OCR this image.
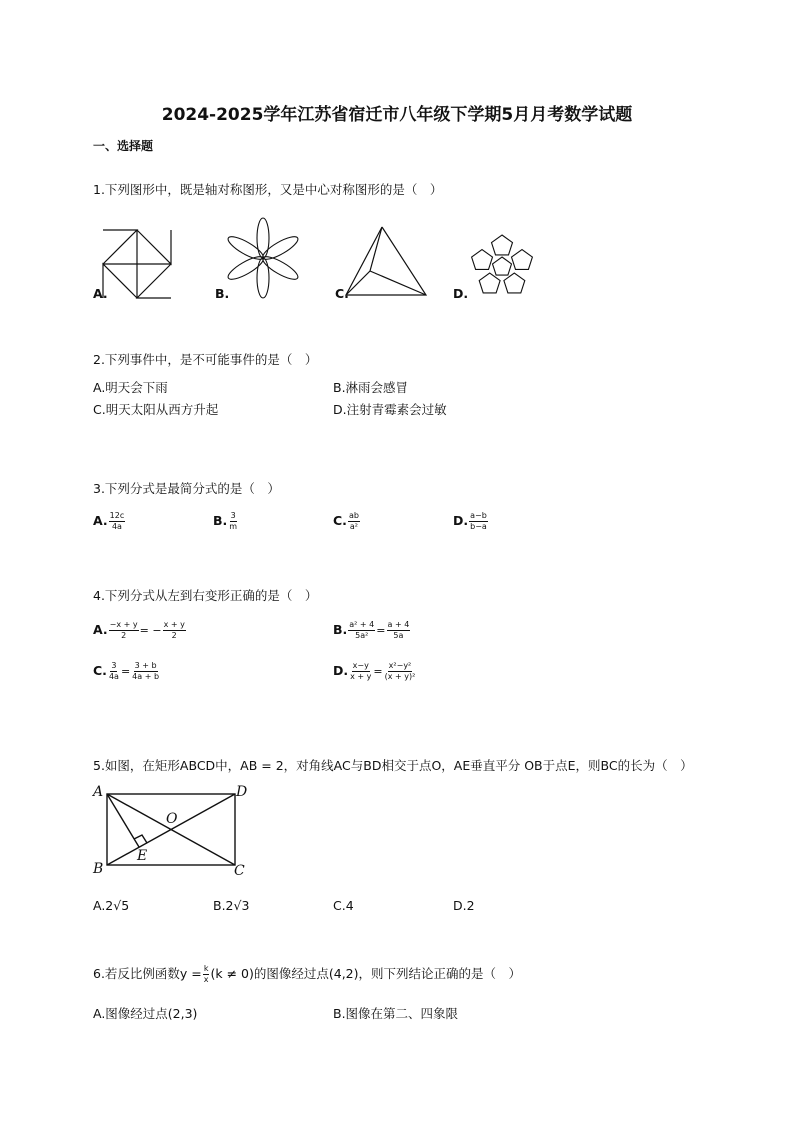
2024-2025学年江苏省宿迁市八年级下学期5月月考数学试题
一、选择题
1.下列图形中，既是轴对称图形，又是中心对称图形的是（　）
A.	B.	C.	D.
2.下列事件中，是不可能事件的是（　）
A.明天会下雨	B.淋雨会感冒
C.明天太阳从西方升起	D.注射青霉素会过敏
3.下列分式是最简分式的是（　）
A. $\frac{12c}{4a}$	B. $\frac{3}{m}$	C. $\frac{ab}{\text{a²}}$	D. $\frac{a-b}{b-a}$
4.下列分式从左到右变形正确的是（　）
A. $\frac{-x + y}{2}$ = − $\frac{x + y}{2}$	B. $\frac{\text{a² + 4}}{\text{5a²}} = \frac{a + 4}{5a}$
C. $\frac{3}{4a} = \frac{3 + b}{4a + b}$	D. $\frac{x-y}{x + y} = \frac{\text{x²−y²}}{\text{(x + y)²}}$
5.如图，在矩形ABCD中，AB = 2，对角线AC与BD相交于点O，AE垂直平分 OB于点E，则BC的长为（　）
A	D
O
B
E
C
A.2√5	B.2√3	C.4	D.2
6.若反比例函数$y = \frac{k}{x} (k \ne 0)$的图像经过点(4,2)，则下列结论正确的是（　）
A.图像经过点(2,3)	B.图像在第二、四象限
